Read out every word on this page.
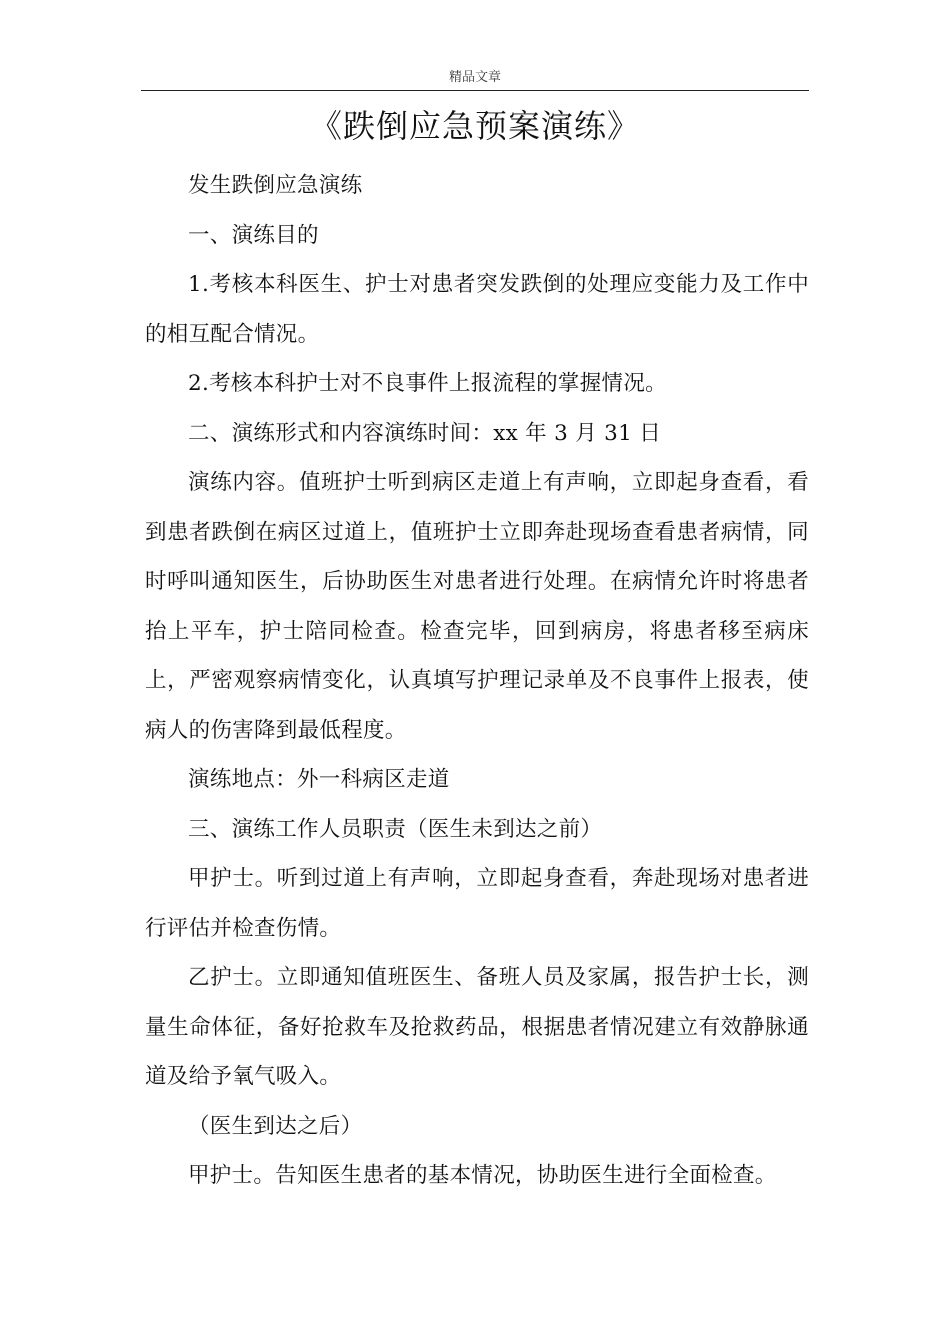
精品文章
《跌倒应急预案演练》

发生跌倒应急演练

一、演练目的

1.考核本科医生、护士对患者突发跌倒的处理应变能力及工作中的相互配合情况。

2.考核本科护士对不良事件上报流程的掌握情况。

二、演练形式和内容演练时间：xx 年 3 月 31 日

演练内容。值班护士听到病区走道上有声响，立即起身查看，看到患者跌倒在病区过道上，值班护士立即奔赴现场查看患者病情，同时呼叫通知医生，后协助医生对患者进行处理。在病情允许时将患者抬上平车，护士陪同检查。检查完毕，回到病房，将患者移至病床上，严密观察病情变化，认真填写护理记录单及不良事件上报表，使病人的伤害降到最低程度。

演练地点：外一科病区走道

三、演练工作人员职责（医生未到达之前）

甲护士。听到过道上有声响，立即起身查看，奔赴现场对患者进行评估并检查伤情。

乙护士。立即通知值班医生、备班人员及家属，报告护士长，测量生命体征，备好抢救车及抢救药品，根据患者情况建立有效静脉通道及给予氧气吸入。

（医生到达之后）

甲护士。告知医生患者的基本情况，协助医生进行全面检查。
